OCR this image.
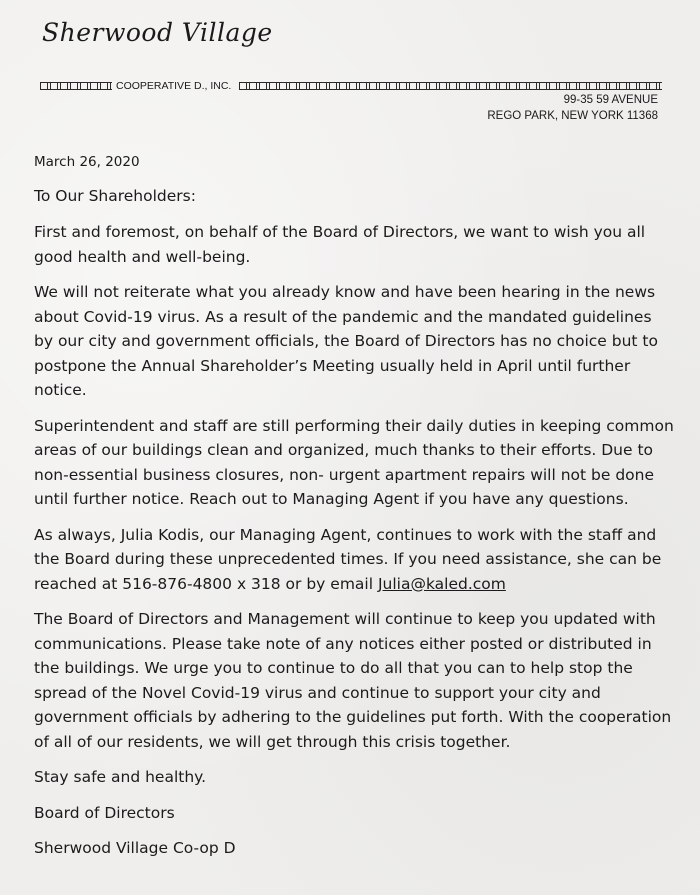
Sherwood Village
COOPERATIVE D., INC.
99-35 59 AVENUE
REGO PARK, NEW YORK 11368
March 26, 2020
To Our Shareholders:

First and foremost, on behalf of the Board of Directors, we want to wish you all good health and well-being.

We will not reiterate what you already know and have been hearing in the news about Covid-19 virus. As a result of the pandemic and the mandated guidelines by our city and government officials, the Board of Directors has no choice but to postpone the Annual Shareholder’s Meeting usually held in April until further notice.

Superintendent and staff are still performing their daily duties in keeping common areas of our buildings clean and organized, much thanks to their efforts. Due to non-essential business closures, non- urgent apartment repairs will not be done until further notice. Reach out to Managing Agent if you have any questions.

As always, Julia Kodis, our Managing Agent, continues to work with the staff and the Board during these unprecedented times. If you need assistance, she can be reached at 516-876-4800 x 318 or by email Julia@kaled.com

The Board of Directors and Management will continue to keep you updated with communications. Please take note of any notices either posted or distributed in the buildings. We urge you to continue to do all that you can to help stop the spread of the Novel Covid-19 virus and continue to support your city and government officials by adhering to the guidelines put forth. With the cooperation of all of our residents, we will get through this crisis together.

Stay safe and healthy.

Board of Directors

Sherwood Village Co-op D
